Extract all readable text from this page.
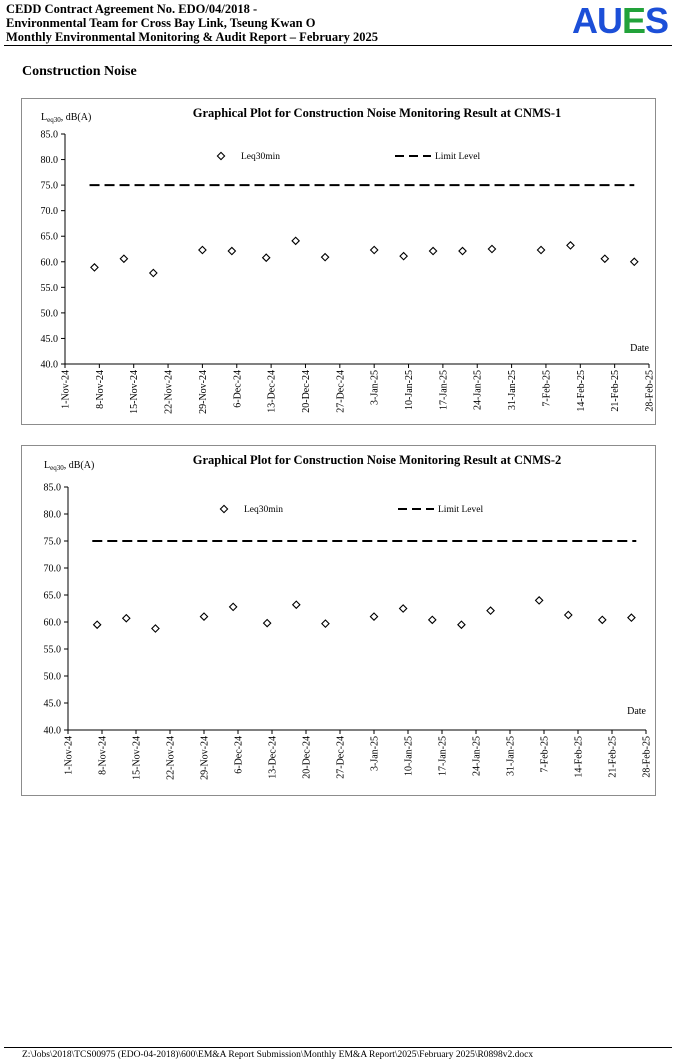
CEDD Contract Agreement No. EDO/04/2018 -
Environmental Team for Cross Bay Link, Tseung Kwan O
Monthly Environmental Monitoring & Audit Report – February 2025	AUES
Construction Noise
Graphical Plot for Construction Noise Monitoring Result at CNMS-1
$L_{eq30}$, dB(A)
40.0
45.0
50.0
55.0
60.0
65.0
70.0
75.0
80.0
85.0
1-Nov-24 8-Nov-24 15-Nov-24 22-Nov-24 29-Nov-24 6-Dec-24 13-Dec-24 20-Dec-24 27-Dec-24 3-Jan-25 10-Jan-25 17-Jan-25 24-Jan-25 31-Jan-25 7-Feb-25 14-Feb-25 21-Feb-25 28-Feb-25
Date
Leq30min	Limit Level
Graphical Plot for Construction Noise Monitoring Result at CNMS-2
$L_{eq30}$, dB(A)
40.0
45.0
50.0
55.0
60.0
65.0
70.0
75.0
80.0
85.0
1-Nov-24 8-Nov-24 15-Nov-24 22-Nov-24 29-Nov-24 6-Dec-24 13-Dec-24 20-Dec-24 27-Dec-24 3-Jan-25 10-Jan-25 17-Jan-25 24-Jan-25 31-Jan-25 7-Feb-25 14-Feb-25 21-Feb-25 28-Feb-25
Date
Leq30min	Limit Level
Z:\Jobs\2018\TCS00975 (EDO-04-2018)\600\EM&A Report Submission\Monthly EM&A Report\2025\February 2025\R0898v2.docx
